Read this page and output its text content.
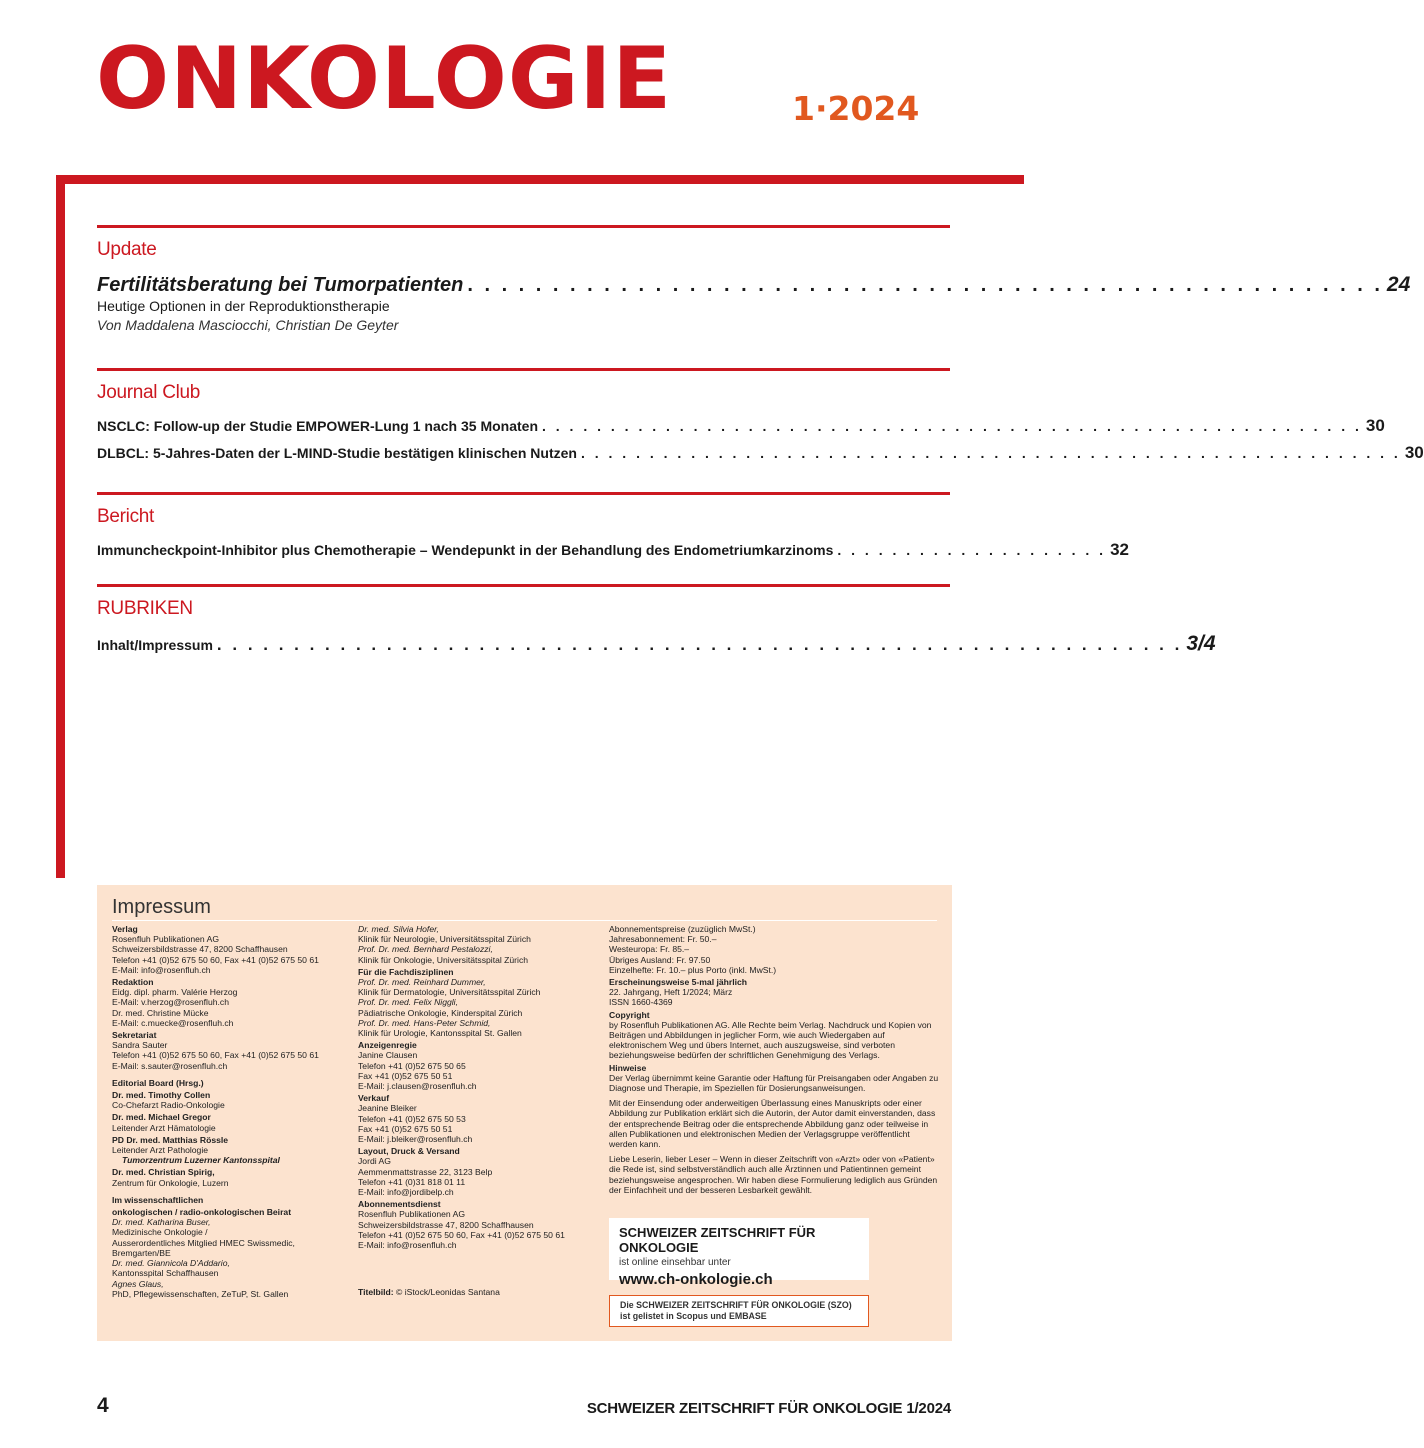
ONKOLOGIE	1·2024
Update
Fertilitätsberatung bei Tumorpatienten . . . . . . . . . . . . . . . . . . . . . . . . . . . . . . . . . . . . . . . . . . . . . . . . . . . . . . 24
Heutige Optionen in der Reproduktionstherapie
Von Maddalena Masciocchi, Christian De Geyter
Journal Club
NSCLC: Follow-up der Studie EMPOWER-Lung 1 nach 35 Monaten . . . . . . . . . . . . . . . . . . . . . . . . . . . . . . . . . . . . . . . . . . . . . . . . . . . . . . . . . . . . 30
DLBCL: 5-Jahres-Daten der L-MIND-Studie bestätigen klinischen Nutzen . . . . . . . . . . . . . . . . . . . . . . . . . . . . . . . . . . . . . . . . . . . . . . . . . . . . . . . . . . . . 30
Bericht
Immuncheckpoint-Inhibitor plus Chemotherapie – Wendepunkt in der Behandlung des Endometriumkarzinoms . . . . . . . . . . . . . . . . . . . . 32
RUBRIKEN
Inhalt/Impressum . . . . . . . . . . . . . . . . . . . . . . . . . . . . . . . . . . . . . . . . . . . . . . . . . . . . . . . . . . . . . . . 3/4
Impressum
Verlag
Rosenfluh Publikationen AG
Schweizersbildstrasse 47, 8200 Schaffhausen
Telefon +41 (0)52 675 50 60, Fax +41 (0)52 675 50 61
E-Mail: info@rosenfluh.ch
Redaktion
Eidg. dipl. pharm. Valérie Herzog
E-Mail: v.herzog@rosenfluh.ch
Dr. med. Christine Mücke
E-Mail: c.muecke@rosenfluh.ch
Sekretariat
Sandra Sauter
Telefon +41 (0)52 675 50 60, Fax +41 (0)52 675 50 61
E-Mail: s.sauter@rosenfluh.ch
Editorial Board (Hrsg.)
Dr. med. Timothy Collen
Co-Chefarzt Radio-Onkologie
Dr. med. Michael Gregor
Leitender Arzt Hämatologie
PD Dr. med. Matthias Rössle
Leitender Arzt Pathologie
Tumorzentrum Luzerner Kantonsspital
Dr. med. Christian Spirig,
Zentrum für Onkologie, Luzern
Im wissenschaftlichen
onkologischen / radio-onkologischen Beirat
Dr. med. Katharina Buser,
Medizinische Onkologie /
Ausserordentliches Mitglied HMEC Swissmedic,
Bremgarten/BE
Dr. med. Giannicola D'Addario,
Kantonsspital Schaffhausen
Agnes Glaus,
PhD, Pflegewissenschaften, ZeTuP, St. Gallen
Dr. med. Silvia Hofer,
Klinik für Neurologie, Universitätsspital Zürich
Prof. Dr. med. Bernhard Pestalozzi,
Klinik für Onkologie, Universitätsspital Zürich
Für die Fachdisziplinen
Prof. Dr. med. Reinhard Dummer,
Klinik für Dermatologie, Universitätsspital Zürich
Prof. Dr. med. Felix Niggli,
Pädiatrische Onkologie, Kinderspital Zürich
Prof. Dr. med. Hans-Peter Schmid,
Klinik für Urologie, Kantonsspital St. Gallen
Anzeigenregie
Janine Clausen
Telefon +41 (0)52 675 50 65
Fax +41 (0)52 675 50 51
E-Mail: j.clausen@rosenfluh.ch
Verkauf
Jeanine Bleiker
Telefon +41 (0)52 675 50 53
Fax +41 (0)52 675 50 51
E-Mail: j.bleiker@rosenfluh.ch
Layout, Druck & Versand
Jordi AG
Aemmenmattstrasse 22, 3123 Belp
Telefon +41 (0)31 818 01 11
E-Mail: info@jordibelp.ch
Abonnementsdienst
Rosenfluh Publikationen AG
Schweizersbildstrasse 47, 8200 Schaffhausen
Telefon +41 (0)52 675 50 60, Fax +41 (0)52 675 50 61
E-Mail: info@rosenfluh.ch
Abonnementspreise (zuzüglich MwSt.)
Jahresabonnement: Fr. 50.–
Westeuropa: Fr. 85.–
Übriges Ausland: Fr. 97.50
Einzelhefte: Fr. 10.– plus Porto (inkl. MwSt.)
Erscheinungsweise 5-mal jährlich
22. Jahrgang, Heft 1/2024; März
ISSN 1660-4369
Copyright
by Rosenfluh Publikationen AG. Alle Rechte beim Verlag. Nachdruck und Kopien von Beiträgen und Abbildungen in jeglicher Form, wie auch Wiedergaben auf elektronischem Weg und übers Internet, auch auszugsweise, sind verboten beziehungsweise bedürfen der schriftlichen Genehmigung des Verlags.
Hinweise
Der Verlag übernimmt keine Garantie oder Haftung für Preisangaben oder Angaben zu Diagnose und Therapie, im Speziellen für Dosierungsanweisungen.
Mit der Einsendung oder anderweitigen Überlassung eines Manuskripts oder einer Abbildung zur Publikation erklärt sich die Autorin, der Autor damit einverstanden, dass der entsprechende Beitrag oder die entsprechende Abbildung ganz oder teilweise in allen Publikationen und elektronischen Medien der Verlagsgruppe veröffentlicht werden kann.
Liebe Leserin, lieber Leser – Wenn in dieser Zeitschrift von «Arzt» oder von «Patient» die Rede ist, sind selbstverständlich auch alle Ärztinnen und Patientinnen gemeint beziehungsweise angesprochen. Wir haben diese Formulierung lediglich aus Gründen der Einfachheit und der besseren Lesbarkeit gewählt.
Titelbild: © iStock/Leonidas Santana
SCHWEIZER ZEITSCHRIFT FÜR ONKOLOGIE
ist online einsehbar unter
www.ch-onkologie.ch
Die SCHWEIZER ZEITSCHRIFT FÜR ONKOLOGIE (SZO)
ist gelistet in Scopus und EMBASE
4	SCHWEIZER ZEITSCHRIFT FÜR ONKOLOGIE 1/2024
